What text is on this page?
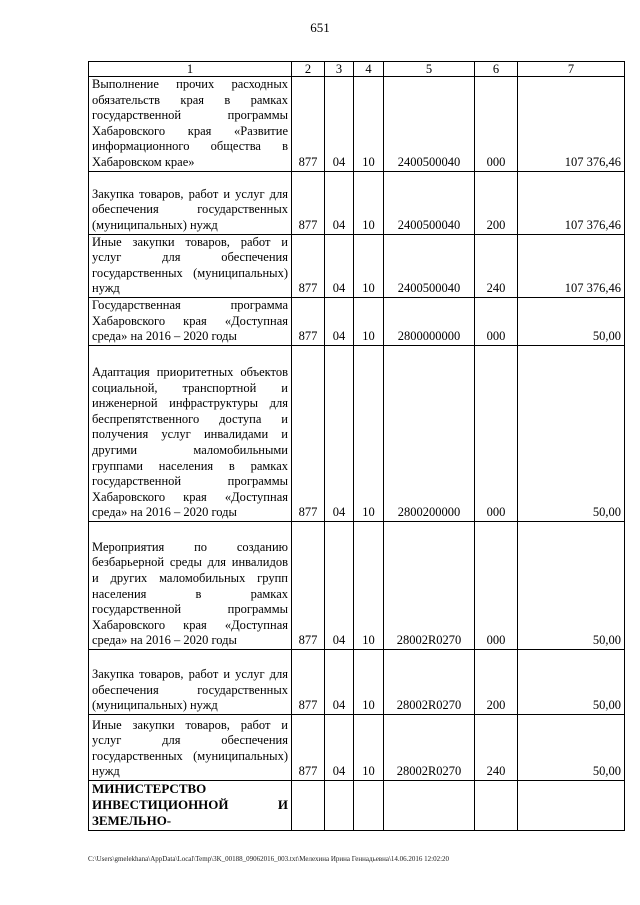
651
1	2	3	4	5	6	7
Выполнение прочих расходных обязательств края в рамках государственной программы Хабаровского края «Развитие информационного общества в Хабаровском крае»	877	04	10	2400500040	000	107 376,46
Закупка товаров, работ и услуг для обеспечения государственных (муниципальных) нужд	877	04	10	2400500040	200	107 376,46
Иные закупки товаров, работ и услуг для обеспечения государственных (муниципальных) нужд	877	04	10	2400500040	240	107 376,46
Государственная программа Хабаровского края «Доступная среда» на 2016 – 2020 годы	877	04	10	2800000000	000	50,00
Адаптация приоритетных объектов социальной, транспортной и инженерной инфраструктуры для беспрепятственного доступа и получения услуг инвалидами и другими маломобильными группами населения в рамках государственной программы Хабаровского края «Доступная среда» на 2016 – 2020 годы	877	04	10	2800200000	000	50,00
Мероприятия по созданию безбарьерной среды для инвалидов и других маломобильных групп населения в рамках государственной программы Хабаровского края «Доступная среда» на 2016 – 2020 годы	877	04	10	28002R0270	000	50,00
Закупка товаров, работ и услуг для обеспечения государственных (муниципальных) нужд	877	04	10	28002R0270	200	50,00
Иные закупки товаров, работ и услуг для обеспечения государственных (муниципальных) нужд	877	04	10	28002R0270	240	50,00
МИНИСТЕРСТВО ИНВЕСТИЦИОННОЙ И ЗЕМЕЛЬНО-						
C:\Users\gmelekhana\AppData\Local\Temp\3K_00188_09062016_003.txt\Мелехина Ирина Геннадьевна\14.06.2016 12:02:20
